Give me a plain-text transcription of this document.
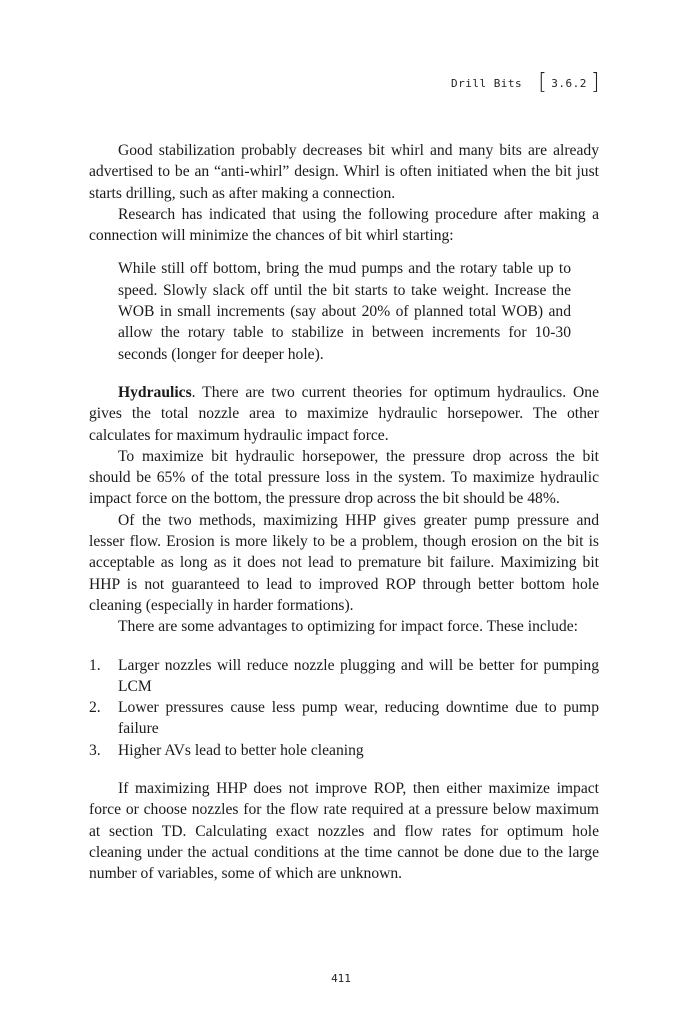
Drill Bits [ 3.6.2 ]

Good stabilization probably decreases bit whirl and many bits are already advertised to be an “anti-whirl” design. Whirl is often initiated when the bit just starts drilling, such as after making a connection.

Research has indicated that using the following procedure after making a connection will minimize the chances of bit whirl starting:

While still off bottom, bring the mud pumps and the rotary table up to speed. Slowly slack off until the bit starts to take weight. Increase the WOB in small increments (say about 20% of planned total WOB) and allow the rotary table to stabilize in between increments for 10-30 seconds (longer for deeper hole).

Hydraulics. There are two current theories for optimum hydraulics. One gives the total nozzle area to maximize hydraulic horsepower. The other calculates for maximum hydraulic impact force.

To maximize bit hydraulic horsepower, the pressure drop across the bit should be 65% of the total pressure loss in the system. To maximize hydraulic impact force on the bottom, the pressure drop across the bit should be 48%.

Of the two methods, maximizing HHP gives greater pump pressure and lesser flow. Erosion is more likely to be a problem, though erosion on the bit is acceptable as long as it does not lead to premature bit failure. Maximizing bit HHP is not guaranteed to lead to improved ROP through better bottom hole cleaning (especially in harder formations).

There are some advantages to optimizing for impact force. These include:

1.	Larger nozzles will reduce nozzle plugging and will be better for pumping LCM
2.	Lower pressures cause less pump wear, reducing downtime due to pump failure
3.	Higher AVs lead to better hole cleaning

If maximizing HHP does not improve ROP, then either maximize impact force or choose nozzles for the flow rate required at a pressure below maximum at section TD. Calculating exact nozzles and flow rates for optimum hole cleaning under the actual conditions at the time cannot be done due to the large number of variables, some of which are unknown.

411
